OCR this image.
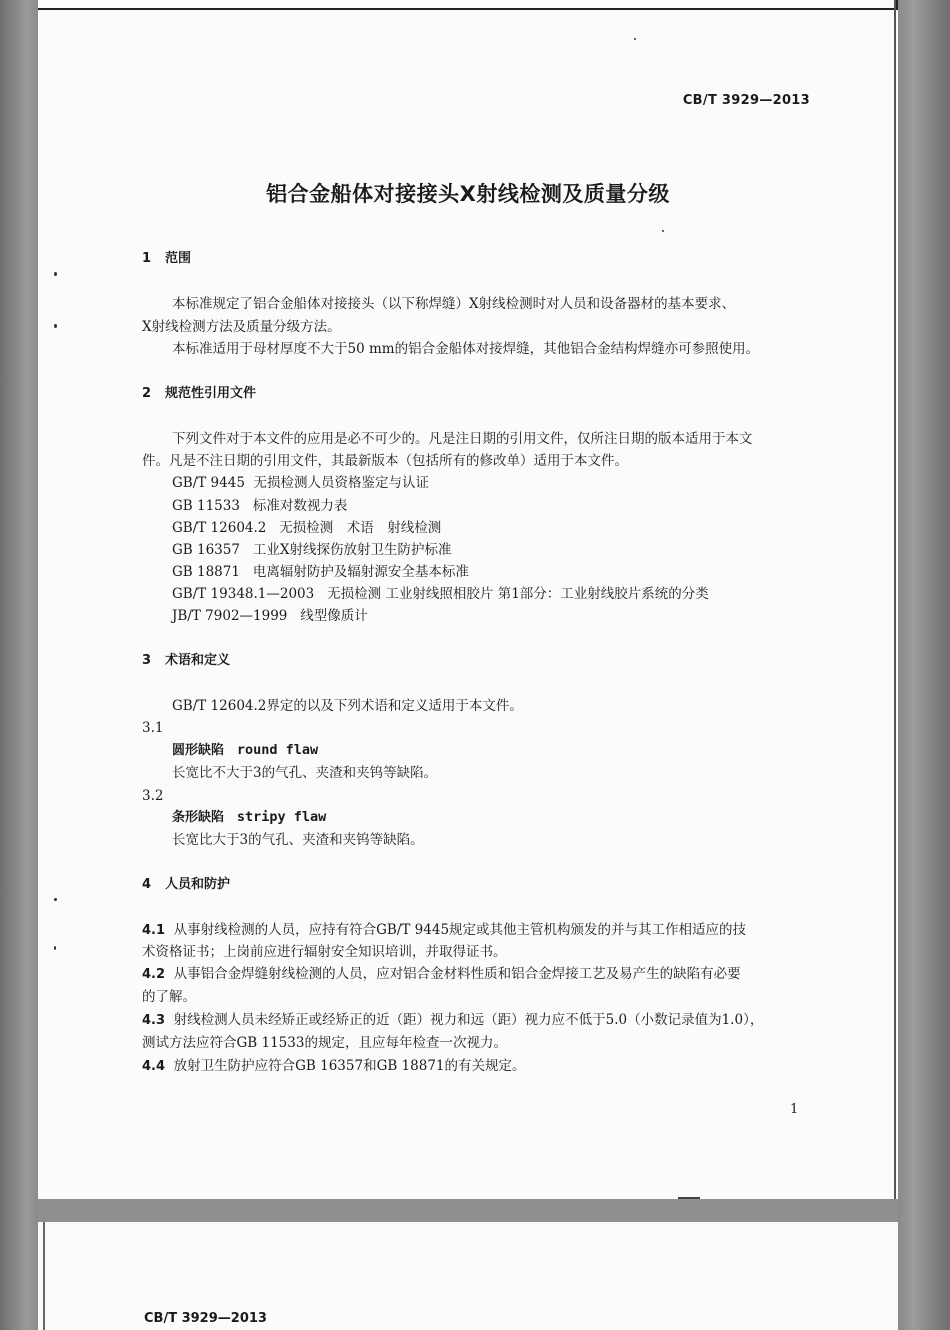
CB/T 3929—2013
铝合金船体对接接头X射线检测及质量分级
1 范围
本标准规定了铝合金船体对接接头（以下称焊缝）X射线检测时对人员和设备器材的基本要求、
X射线检测方法及质量分级方法。
本标准适用于母材厚度不大于50 mm的铝合金船体对接焊缝，其他铝合金结构焊缝亦可参照使用。
2 规范性引用文件
下列文件对于本文件的应用是必不可少的。凡是注日期的引用文件，仅所注日期的版本适用于本文
件。凡是不注日期的引用文件，其最新版本（包括所有的修改单）适用于本文件。
GB/T 9445 无损检测人员资格鉴定与认证
GB 11533 标准对数视力表
GB/T 12604.2 无损检测　术语　射线检测
GB 16357 工业X射线探伤放射卫生防护标准
GB 18871 电离辐射防护及辐射源安全基本标准
GB/T 19348.1—2003 无损检测 工业射线照相胶片 第1部分：工业射线胶片系统的分类
JB/T 7902—1999 线型像质计
3 术语和定义
GB/T 12604.2界定的以及下列术语和定义适用于本文件。
3.1
圆形缺陷 round flaw
长宽比不大于3的气孔、夹渣和夹钨等缺陷。
3.2
条形缺陷 stripy flaw
长宽比大于3的气孔、夹渣和夹钨等缺陷。
4 人员和防护
4.1 从事射线检测的人员，应持有符合GB/T 9445规定或其他主管机构颁发的并与其工作相适应的技
术资格证书；上岗前应进行辐射安全知识培训，并取得证书。
4.2 从事铝合金焊缝射线检测的人员，应对铝合金材料性质和铝合金焊接工艺及易产生的缺陷有必要
的了解。
4.3 射线检测人员未经矫正或经矫正的近（距）视力和远（距）视力应不低于5.0（小数记录值为1.0），
测试方法应符合GB 11533的规定，且应每年检查一次视力。
4.4 放射卫生防护应符合GB 16357和GB 18871的有关规定。
1
CB/T 3929—2013
